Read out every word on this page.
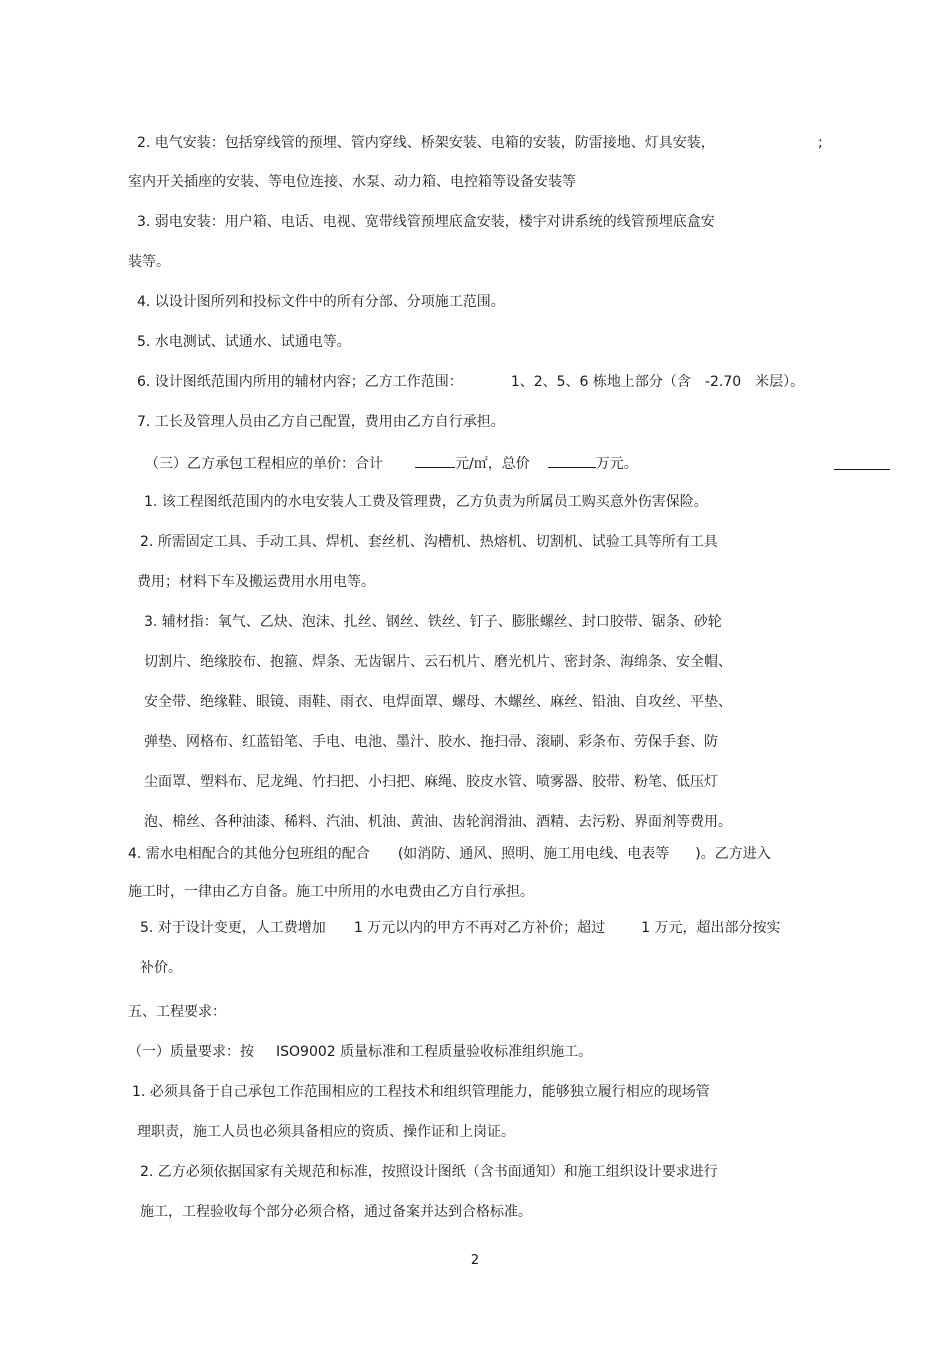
2. 电气安装：包括穿线管的预埋、管内穿线、桥架安装、电箱的安装，防雷接地、灯具安装，	;

室内开关插座的安装、等电位连接、水泵、动力箱、电控箱等设备安装等

3. 弱电安装：用户箱、电话、电视、宽带线管预埋底盒安装，楼宇对讲系统的线管预埋底盒安

装等。

4. 以设计图所列和投标文件中的所有分部、分项施工范围。

5. 水电测试、试通水、试通电等。

6. 设计图纸范围内所用的辅材内容；乙方工作范围：	1、2、5、6 栋地上部分（含 -2.70 米层）。

7. 工长及管理人员由乙方自己配置，费用由乙方自行承担。

（三）乙方承包工程相应的单价：合计	元/㎡，总价	万元。

1. 该工程图纸范围内的水电安装人工费及管理费，乙方负责为所属员工购买意外伤害保险。

2. 所需固定工具、手动工具、焊机、套丝机、沟槽机、热熔机、切割机、试验工具等所有工具

费用；材料下车及搬运费用水用电等。

3. 辅材指：氧气、乙炔、泡沫、扎丝、钢丝、铁丝、钉子、膨胀螺丝、封口胶带、锯条、砂轮

切割片、绝缘胶布、抱箍、焊条、无齿锯片、云石机片、磨光机片、密封条、海绵条、安全帽、

安全带、绝缘鞋、眼镜、雨鞋、雨衣、电焊面罩、螺母、木螺丝、麻丝、铅油、自攻丝、平垫、

弹垫、网格布、红蓝铅笔、手电、电池、墨汁、胶水、拖扫帚、滚刷、彩条布、劳保手套、防

尘面罩、塑料布、尼龙绳、竹扫把、小扫把、麻绳、胶皮水管、喷雾器、胶带、粉笔、低压灯

泡、棉丝、各种油漆、稀料、汽油、机油、黄油、齿轮润滑油、酒精、去污粉、界面剂等费用。

4. 需水电相配合的其他分包班组的配合 (如消防、通风、照明、施工用电线、电表等 )。乙方进入

施工时，一律由乙方自备。施工中所用的水电费由乙方自行承担。

5. 对于设计变更，人工费增加 1 万元以内的甲方不再对乙方补价；超过	1 万元，超出部分按实

补价。

五、工程要求：

（一）质量要求：按 ISO9002 质量标准和工程质量验收标准组织施工。

1. 必须具备于自己承包工作范围相应的工程技术和组织管理能力，能够独立履行相应的现场管

理职责，施工人员也必须具备相应的资质、操作证和上岗证。

2. 乙方必须依据国家有关规范和标准，按照设计图纸（含书面通知）和施工组织设计要求进行

施工，工程验收每个部分必须合格，通过备案并达到合格标准。

2
